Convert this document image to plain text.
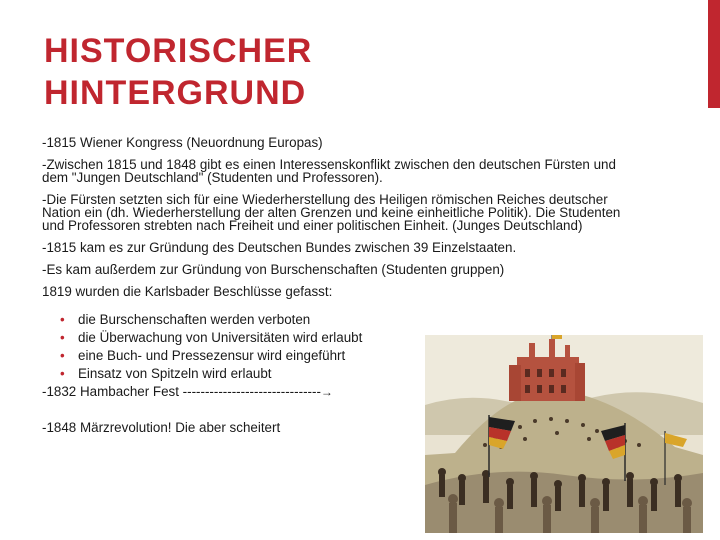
HISTORISCHER
HINTERGRUND

-1815 Wiener Kongress (Neuordnung Europas)

-Zwischen 1815 und 1848 gibt es einen Interessenskonflikt zwischen den deutschen Fürsten und dem "Jungen Deutschland" (Studenten und Professoren).

-Die Fürsten setzten sich für eine Wiederherstellung des Heiligen römischen Reiches deutscher Nation ein (dh. Wiederherstellung der alten Grenzen und keine einheitliche Politik). Die Studenten und Professoren strebten nach Freiheit und einer politischen Einheit. (Junges Deutschland)

-1815 kam es zur Gründung des Deutschen Bundes zwischen 39 Einzelstaaten.

-Es kam außerdem zur Gründung von Burschenschaften (Studenten gruppen)

1819 wurden die Karlsbader Beschlüsse gefasst:

• die Burschenschaften werden verboten
• die Überwachung von Universitäten wird erlaubt
• eine Buch- und Pressezensur wird eingeführt
• Einsatz von Spitzeln wird erlaubt

-1832 Hambacher Fest -------------------------------→

-1848 Märzrevolution! Die aber scheitert
